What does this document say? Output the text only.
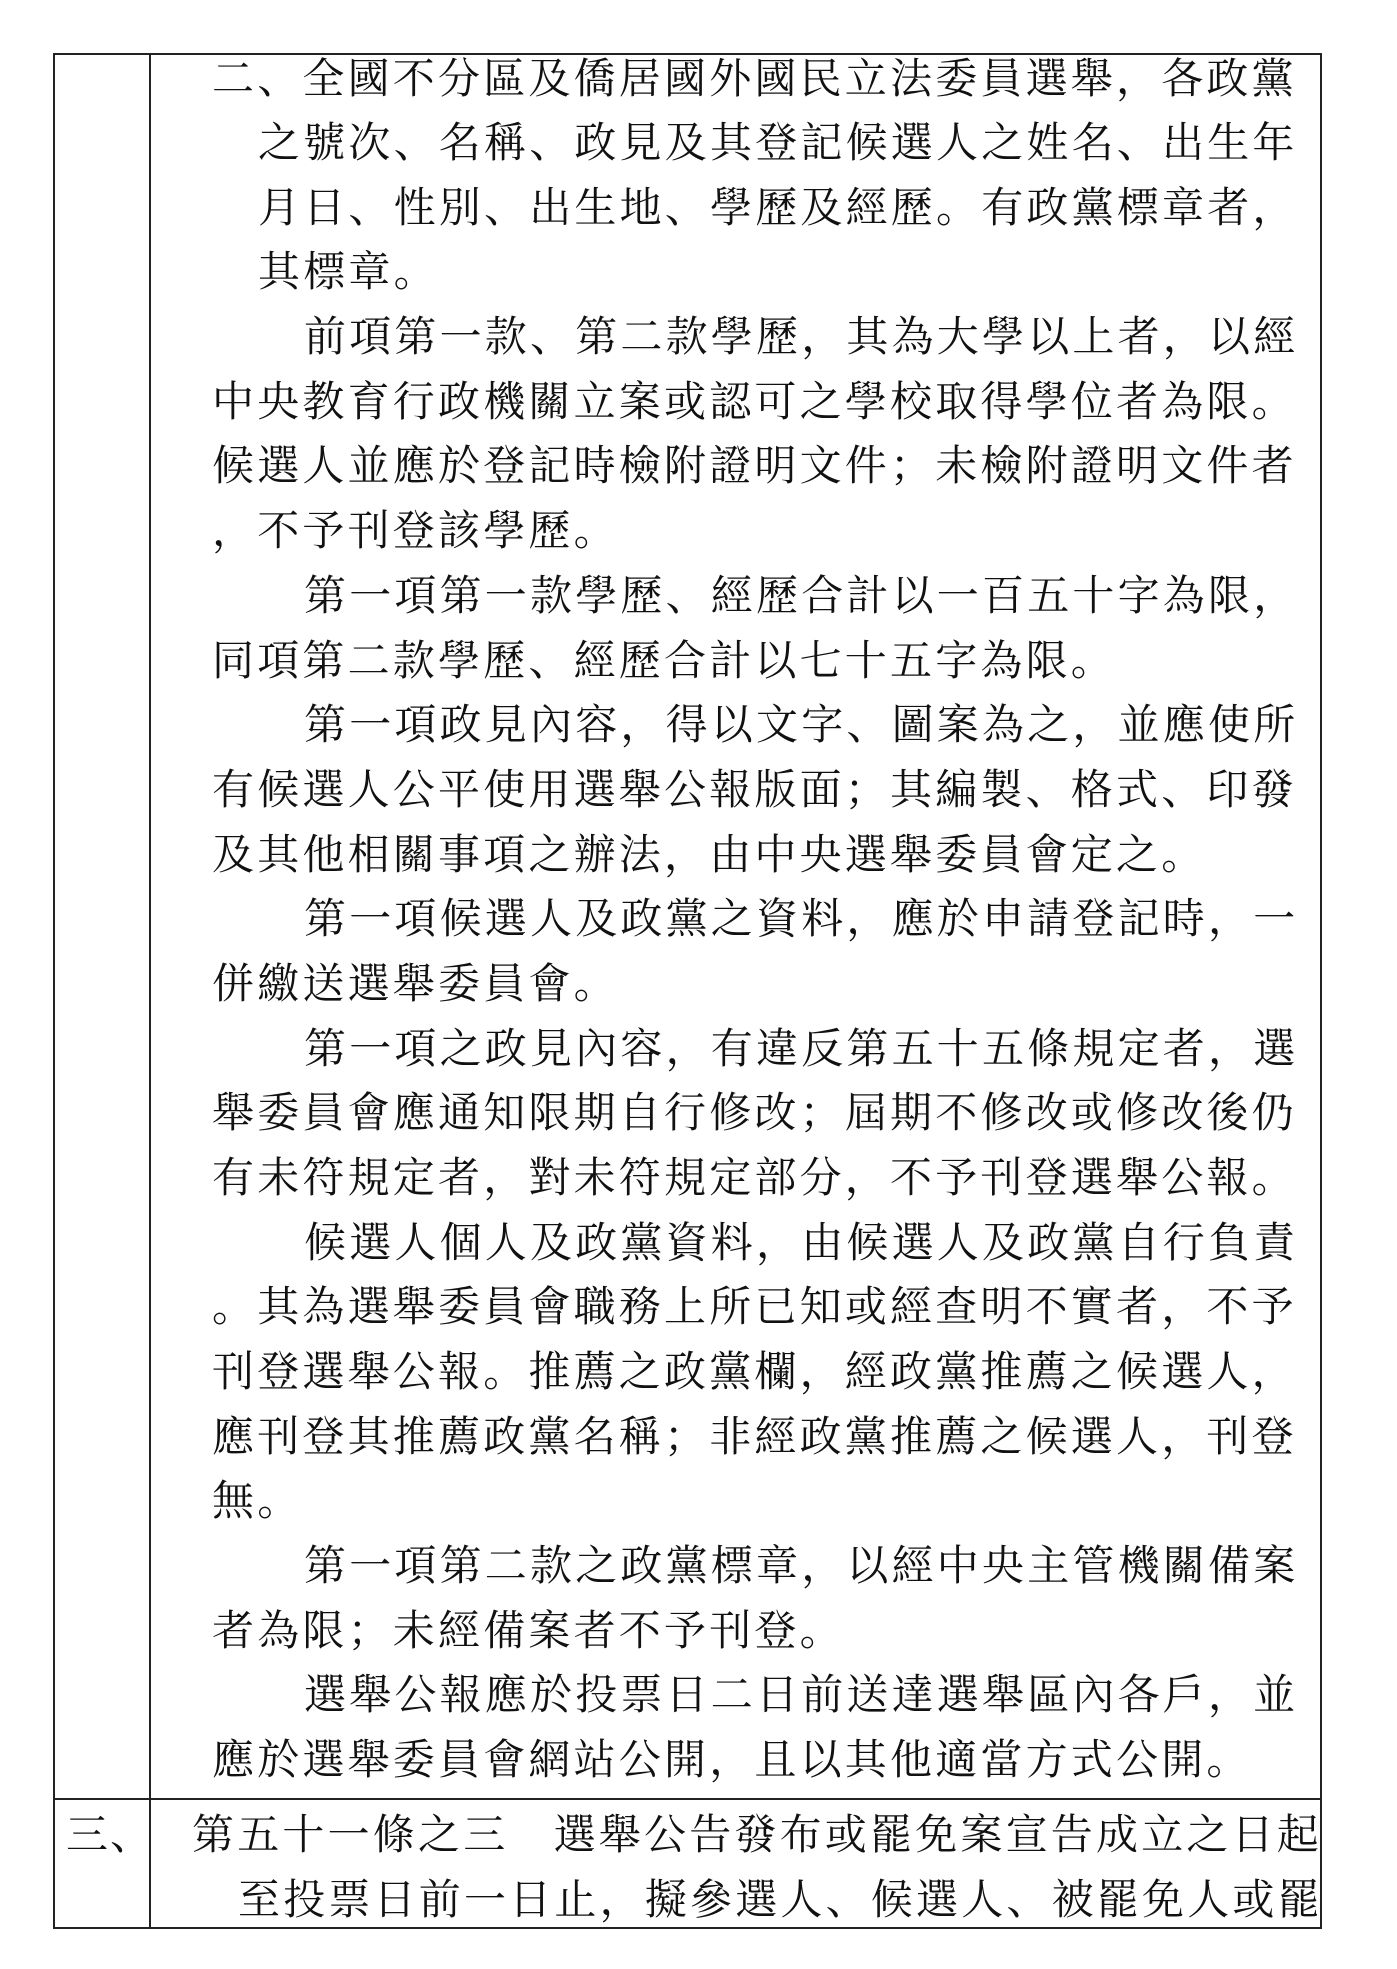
二、全國不分區及僑居國外國民立法委員選舉，各政黨
之號次、名稱、政見及其登記候選人之姓名、出生年
月日、性別、出生地、學歷及經歷。有政黨標章者，
其標章。
前項第一款、第二款學歷，其為大學以上者，以經
中央教育行政機關立案或認可之學校取得學位者為限。
候選人並應於登記時檢附證明文件；未檢附證明文件者
，不予刊登該學歷。
第一項第一款學歷、經歷合計以一百五十字為限，
同項第二款學歷、經歷合計以七十五字為限。
第一項政見內容，得以文字、圖案為之，並應使所
有候選人公平使用選舉公報版面；其編製、格式、印發
及其他相關事項之辦法，由中央選舉委員會定之。
第一項候選人及政黨之資料，應於申請登記時，一
併繳送選舉委員會。
第一項之政見內容，有違反第五十五條規定者，選
舉委員會應通知限期自行修改；屆期不修改或修改後仍
有未符規定者，對未符規定部分，不予刊登選舉公報。
候選人個人及政黨資料，由候選人及政黨自行負責
。其為選舉委員會職務上所已知或經查明不實者，不予
刊登選舉公報。推薦之政黨欄，經政黨推薦之候選人，
應刊登其推薦政黨名稱；非經政黨推薦之候選人，刊登
無。
第一項第二款之政黨標章，以經中央主管機關備案
者為限；未經備案者不予刊登。
選舉公報應於投票日二日前送達選舉區內各戶，並
應於選舉委員會網站公開，且以其他適當方式公開。
三、 第五十一條之三　選舉公告發布或罷免案宣告成立之日起
至投票日前一日止，擬參選人、候選人、被罷免人或罷
